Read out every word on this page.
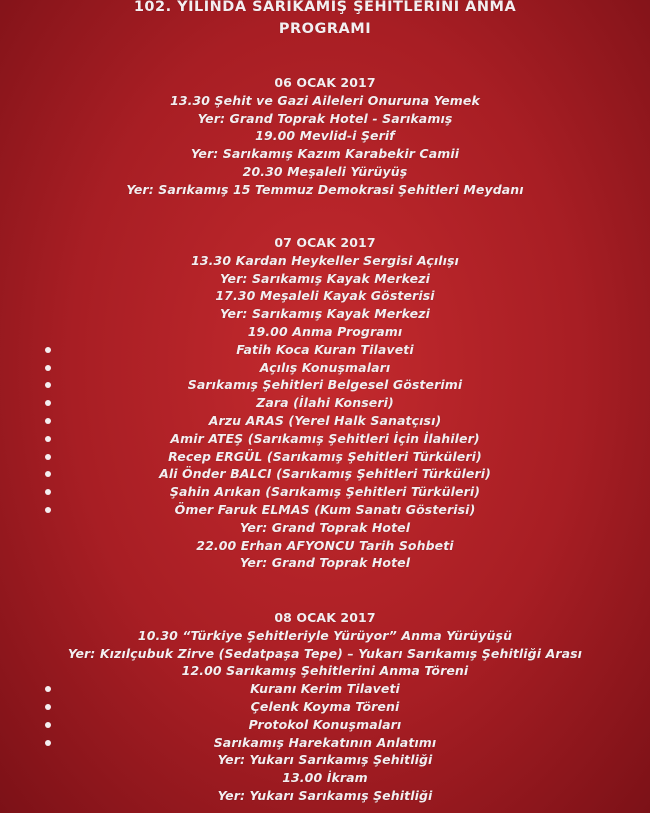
102. YILINDA SARIKAMIŞ ŞEHİTLERİNİ ANMA
PROGRAMI
06 OCAK 2017
13.30 Şehit ve Gazi Aileleri Onuruna Yemek
Yer: Grand Toprak Hotel - Sarıkamış
19.00 Mevlid-i Şerif
Yer: Sarıkamış Kazım Karabekir Camii
20.30 Meşaleli Yürüyüş
Yer: Sarıkamış 15 Temmuz Demokrasi Şehitleri Meydanı
07 OCAK 2017
13.30 Kardan Heykeller Sergisi Açılışı
Yer: Sarıkamış Kayak Merkezi
17.30 Meşaleli Kayak Gösterisi
Yer: Sarıkamış Kayak Merkezi
19.00 Anma Programı
Fatih Koca Kuran Tilaveti
Açılış Konuşmaları
Sarıkamış Şehitleri Belgesel Gösterimi
Zara (İlahi Konseri)
Arzu ARAS (Yerel Halk Sanatçısı)
Amir ATEŞ (Sarıkamış Şehitleri İçin İlahiler)
Recep ERGÜL (Sarıkamış Şehitleri Türküleri)
Ali Önder BALCI (Sarıkamış Şehitleri Türküleri)
Şahin Arıkan (Sarıkamış Şehitleri Türküleri)
Ömer Faruk ELMAS (Kum Sanatı Gösterisi)
Yer: Grand Toprak Hotel
22.00 Erhan AFYONCU Tarih Sohbeti
Yer: Grand Toprak Hotel
08 OCAK 2017
10.30 “Türkiye Şehitleriyle Yürüyor” Anma Yürüyüşü
Yer: Kızılçubuk Zirve (Sedatpaşa Tepe) – Yukarı Sarıkamış Şehitliği Arası
12.00 Sarıkamış Şehitlerini Anma Töreni
Kuranı Kerim Tilaveti
Çelenk Koyma Töreni
Protokol Konuşmaları
Sarıkamış Harekatının Anlatımı
Yer: Yukarı Sarıkamış Şehitliği
13.00 İkram
Yer: Yukarı Sarıkamış Şehitliği
